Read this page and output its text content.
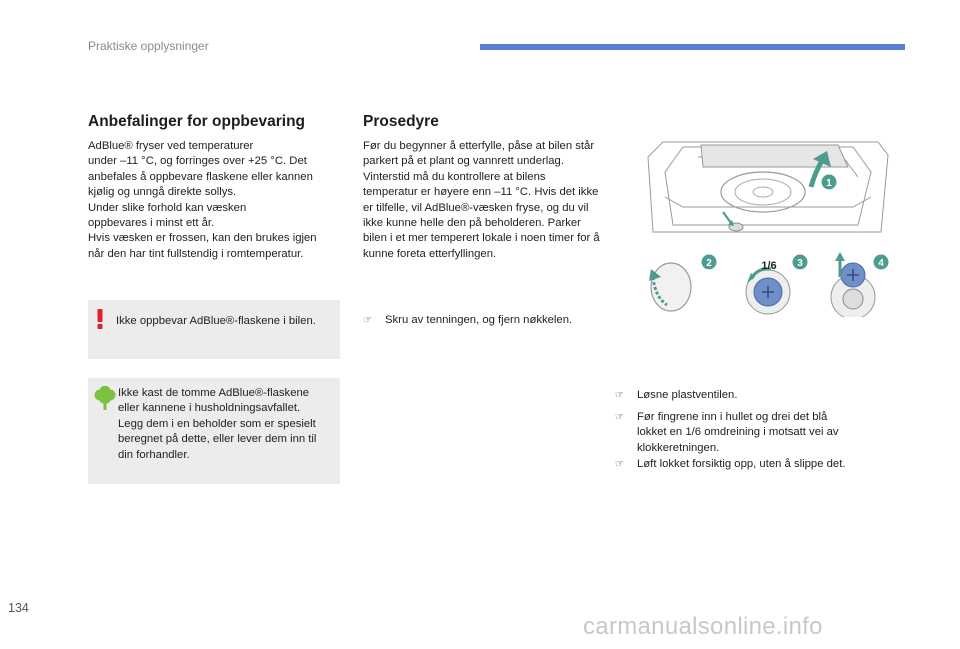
Praktiske opplysninger
Anbefalinger for oppbevaring

AdBlue® fryser ved temperaturer

under –11 °C, og forringes over +25 °C. Det

anbefales å oppbevare flaskene eller kannen

kjølig og unngå direkte sollys.

Under slike forhold kan væsken

oppbevares i minst ett år.

Hvis væsken er frossen, kan den brukes igjen

når den har tint fullstendig i romtemperatur.

Ikke oppbevar AdBlue®-flaskene i bilen.
Ikke kast de tomme AdBlue®-flaskene
eller kannene i husholdningsavfallet.
Legg dem i en beholder som er spesielt
beregnet på dette, eller lever dem inn til
din forhandler.
Prosedyre

Før du begynner å etterfylle, påse at bilen står

parkert på et plant og vannrett underlag.

Vinterstid må du kontrollere at bilens

temperatur er høyere enn –11 °C. Hvis det ikke

er tilfelle, vil AdBlue®-væsken fryse, og du vil

ikke kunne helle den på beholderen. Parker

bilen i et mer temperert lokale i noen timer for å

kunne foreta etterfyllingen.

☞ Skru av tenningen, og fjern nøkkelen.
1
2	1/6 3	4
☞ Løsne plastventilen.
☞ Før fingrene inn i hullet og drei det blå
lokket en 1/6 omdreining i motsatt vei av
klokkeretningen.
☞ Løft lokket forsiktig opp, uten å slippe det.
134
carmanualsonline.info
